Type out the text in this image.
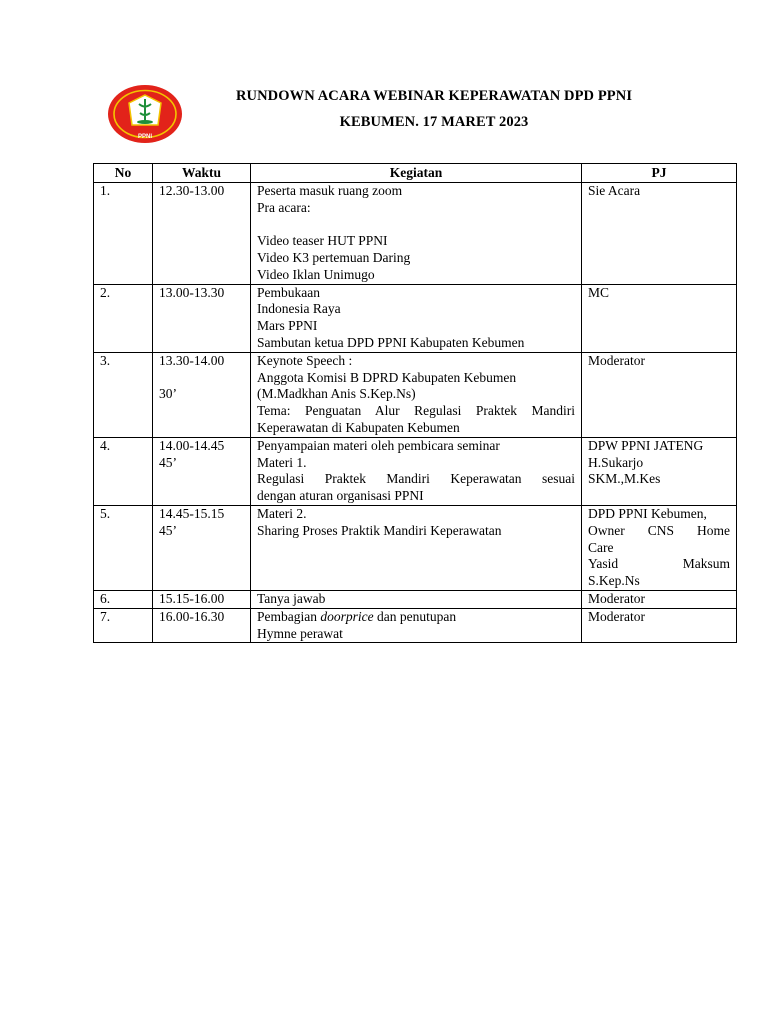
PPNI
RUNDOWN ACARA WEBINAR KEPERAWATAN DPD PPNI
KEBUMEN. 17 MARET 2023
No	Waktu	Kegiatan	PJ
1.	12.30-13.00	Peserta masuk ruang zoom
Pra acara:
Video teaser HUT PPNI
Video K3 pertemuan Daring
Video Iklan Unimugo	Sie Acara

2.	13.00-13.30	Pembukaan
Indonesia Raya
Mars PPNI
Sambutan ketua DPD PPNI Kabupaten Kebumen	MC

3.	13.30-14.00
30’	Keynote Speech :
Anggota Komisi B DPRD Kabupaten Kebumen
(M.Madkhan Anis S.Kep.Ns)
Tema: Penguatan Alur Regulasi Praktek Mandiri
Keperawatan di Kabupaten Kebumen	Moderator

4.	14.00-14.45
45’	Penyampaian materi oleh pembicara seminar
Materi 1.
Regulasi Praktek Mandiri Keperawatan sesuai
dengan aturan organisasi PPNI	DPW PPNI JATENG
H.Sukarjo
SKM.,M.Kes

5.	14.45-15.15
45’	Materi 2.
Sharing Proses Praktik Mandiri Keperawatan	DPD PPNI Kebumen,
Owner CNS Home
Care
Yasid Maksum
S.Kep.Ns

6.	15.15-16.00	Tanya jawab	Moderator

7.	16.00-16.30	Pembagian doorprice dan penutupan
Hymne perawat	Moderator
